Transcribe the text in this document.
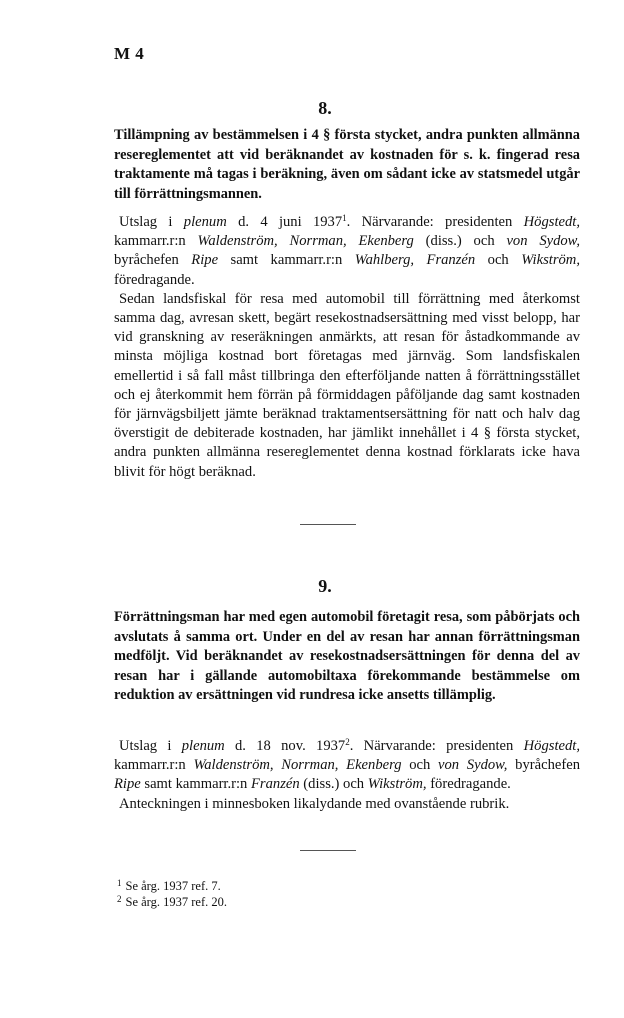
M 4
8.
Tillämpning av bestämmelsen i 4 § första stycket, andra punkten allmänna resereglementet att vid beräknandet av kostnaden för s. k. fingerad resa traktamente må tagas i beräkning, även om sådant icke av statsmedel utgår till förrättningsmannen.

Utslag i plenum d. 4 juni 1937$^1$. Närvarande: presidenten Högstedt, kammarr.r:n Waldenström, Norrman, Ekenberg (diss.) och von Sydow, byråchefen Ripe samt kammarr.r:n Wahlberg, Franzén och Wikström, föredragande.

Sedan landsfiskal för resa med automobil till förrättning med återkomst samma dag, avresan skett, begärt resekostnadsersättning med visst belopp, har vid granskning av reseräkningen anmärkts, att resan för åstadkommande av minsta möjliga kostnad bort företagas med järnväg. Som landsfiskalen emellertid i så fall måst tillbringa den efterföljande natten å förrättningsstället och ej återkommit hem förrän på förmiddagen påföljande dag samt kostnaden för järnvägsbiljett jämte beräknad traktamentsersättning för natt och halv dag överstigit de debiterade kostnaden, har jämlikt innehållet i 4 § första stycket, andra punkten allmänna resereglementet denna kostnad förklarats icke hava blivit för högt beräknad.

9.
Förrättningsman har med egen automobil företagit resa, som påbörjats och avslutats å samma ort. Under en del av resan har annan förrättningsman medföljt. Vid beräknandet av resekostnadsersättningen för denna del av resan har i gällande automobiltaxa förekommande bestämmelse om reduktion av ersättningen vid rundresa icke ansetts tillämplig.

Utslag i plenum d. 18 nov. 1937$^2$. Närvarande: presidenten Högstedt, kammarr.r:n Waldenström, Norrman, Ekenberg och von Sydow, byråchefen Ripe samt kammarr.r:n Franzén (diss.) och Wikström, föredragande.

Anteckningen i minnesboken likalydande med ovanstående rubrik.

$^1$ Se årg. 1937 ref. 7.
$^2$ Se årg. 1937 ref. 20.
